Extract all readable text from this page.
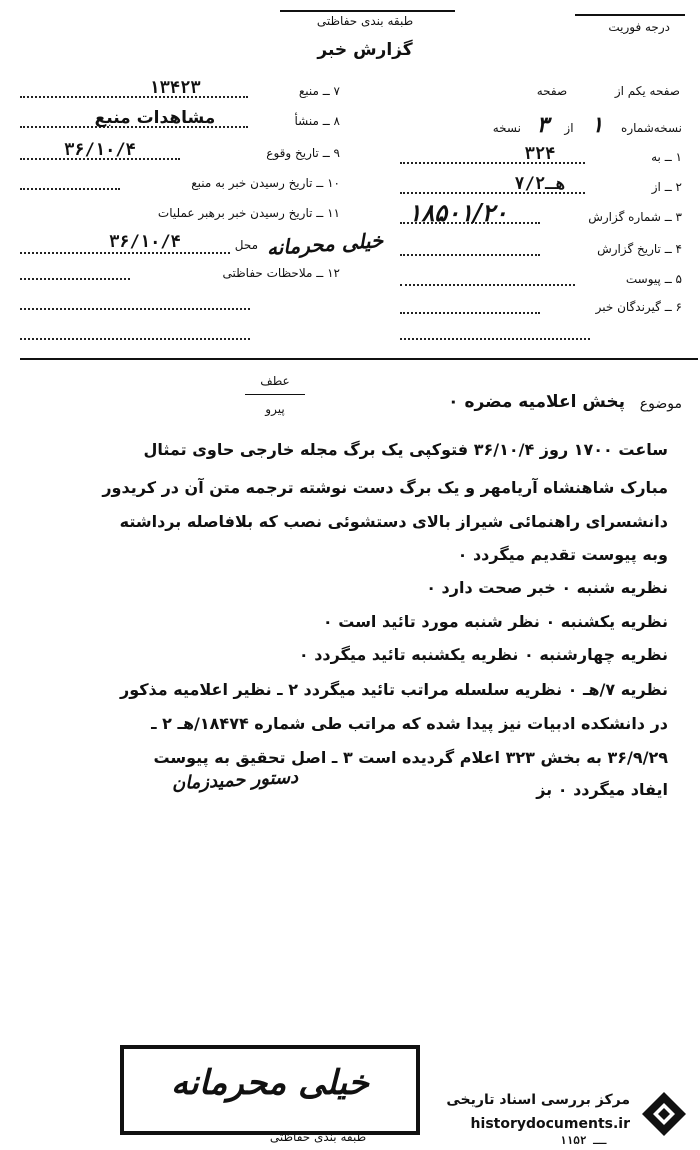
طبقه بندی حفاظتی
گزارش خبر
درجه فوریت
صفحه یکم از  صفحه
نسخه‌شماره ۱ از ۳ نسخه
۱ ــ به
۳۲۴
۲ ــ از
۷/هـ۲
۳ ــ شماره گزارش
۱۸۵۰۱/۲۰
۴ ــ تاریخ گزارش
۵ ــ پیوست
۶ ــ گیرندگان خبر
۷ ــ منبع
۱۳۴۲۳
۸ ــ منشأ
مشاهدات منبع
۹ ــ تاریخ وقوع
۳۶/۱۰/۴
۱۰ ــ تاریخ رسیدن خبر به منبع
۱۱ ــ تاریخ رسیدن خبر برهبر عملیات
۳۶/۱۰/۴	محل
۱۲ ــ ملاحظات حفاظتی
خیلی محرمانه
عطف
پیرو	موضوع
پخش اعلامیه مضره ۰
ساعت ۱۷۰۰ روز ۳۶/۱۰/۴ فتوکپی یک برگ مجله خارجی حاوی تمثال
مبارک شاهنشاه آریامهر و یک برگ دست نوشته ترجمه متن آن در کریدور
دانشسرای راهنمائی شیراز بالای دستشوئی نصب که بلافاصله برداشته
وبه پیوست تقدیم میگردد ۰
نظریه شنبه ۰ خبر صحت دارد ۰
نظریه یکشنبه ۰ نظر شنبه مورد تائید است ۰
نظریه چهارشنبه ۰ نظریه یکشنبه تائید میگردد ۰
نظریه ۷/هـ ۰ نظریه سلسله مراتب تائید میگردد ۲ ـ نظیر اعلامیه مذکور
در دانشکده ادبیات نیز پیدا شده که مراتب طی شماره ۱۸۴۷۴/هـ ۲ ـ
۳۶/۹/۲۹ به بخش ۳۲۳ اعلام گردیده است ۳ ـ اصل تحقیق به پیوست
ایفاد میگردد ۰ بز
دستور حمیدزمان
خیلی محرمانه
طبقه بندی حفاظتی
مرکز بررسی اسناد تاریخی
historydocuments.ir
۱۱ــ ۵۲
